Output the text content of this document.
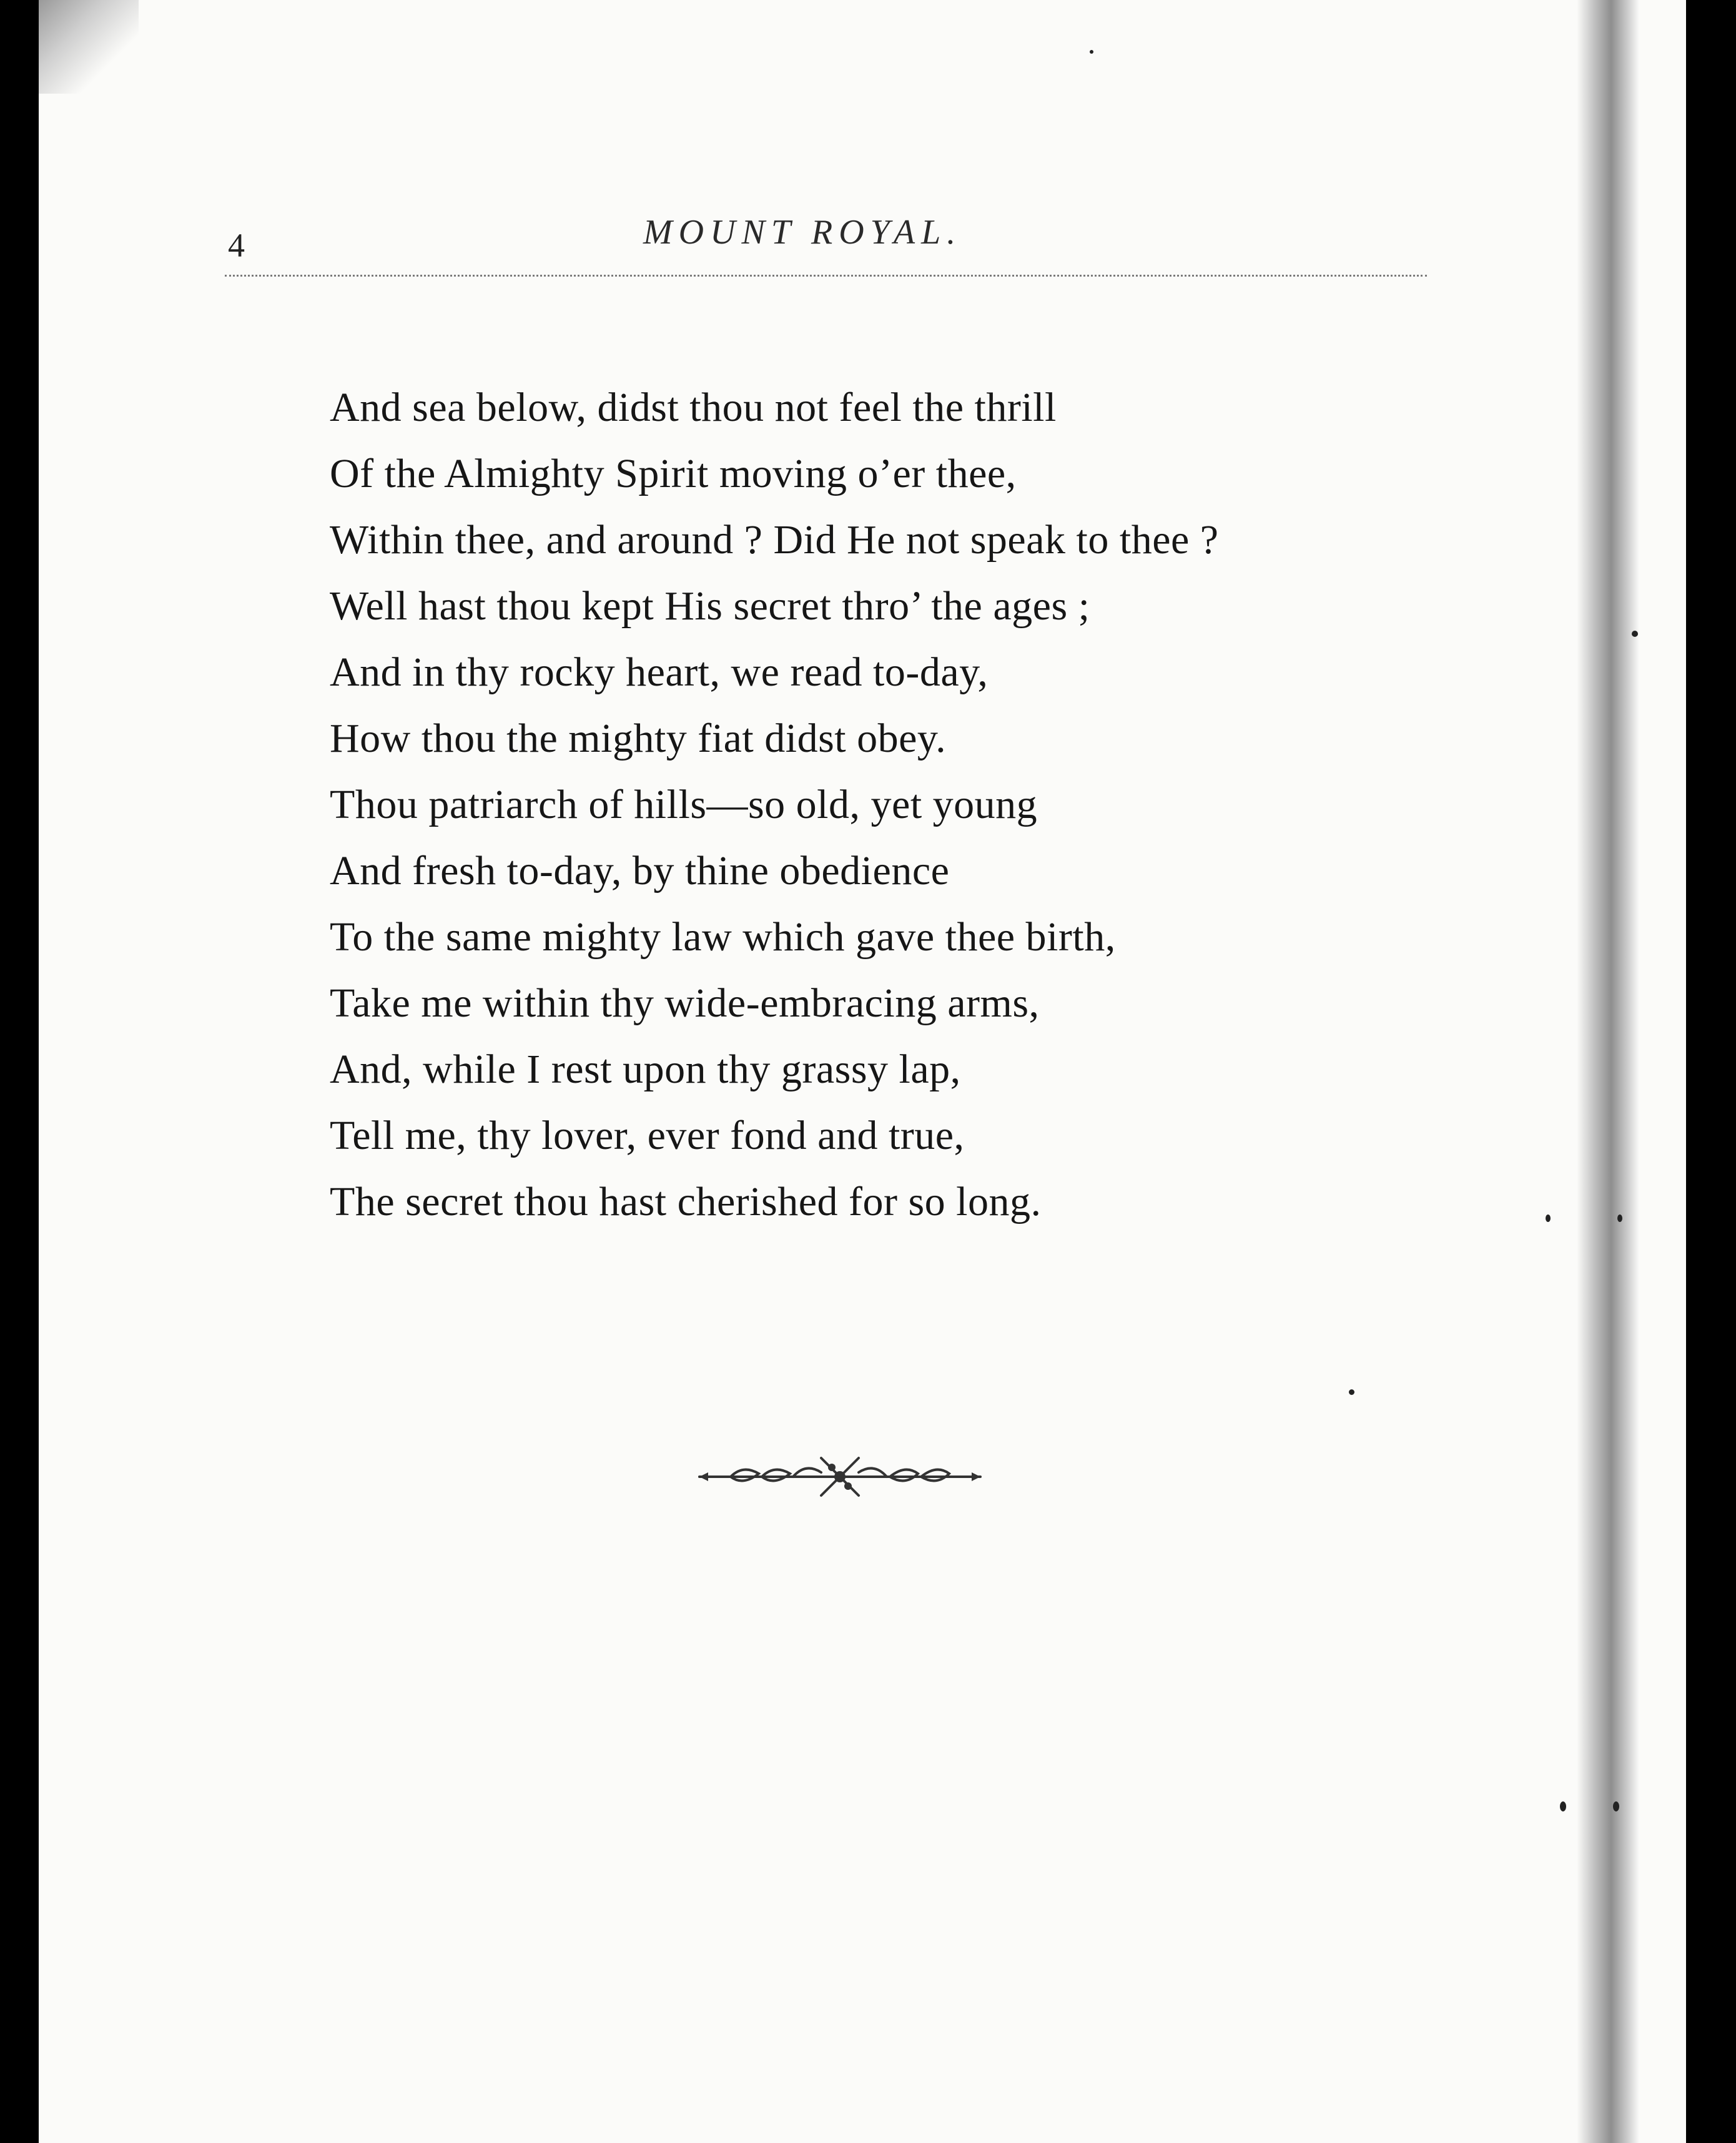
4	MOUNT ROYAL.
And sea below, didst thou not feel the thrill
Of the Almighty Spirit moving o’er thee,
Within thee, and around ? Did He not speak to thee ?
Well hast thou kept His secret thro’ the ages ;
And in thy rocky heart, we read to-day,
How thou the mighty fiat didst obey.
Thou patriarch of hills—so old, yet young
And fresh to-day, by thine obedience
To the same mighty law which gave thee birth,
Take me within thy wide-embracing arms,
And, while I rest upon thy grassy lap,
Tell me, thy lover, ever fond and true,
The secret thou hast cherished for so long.
